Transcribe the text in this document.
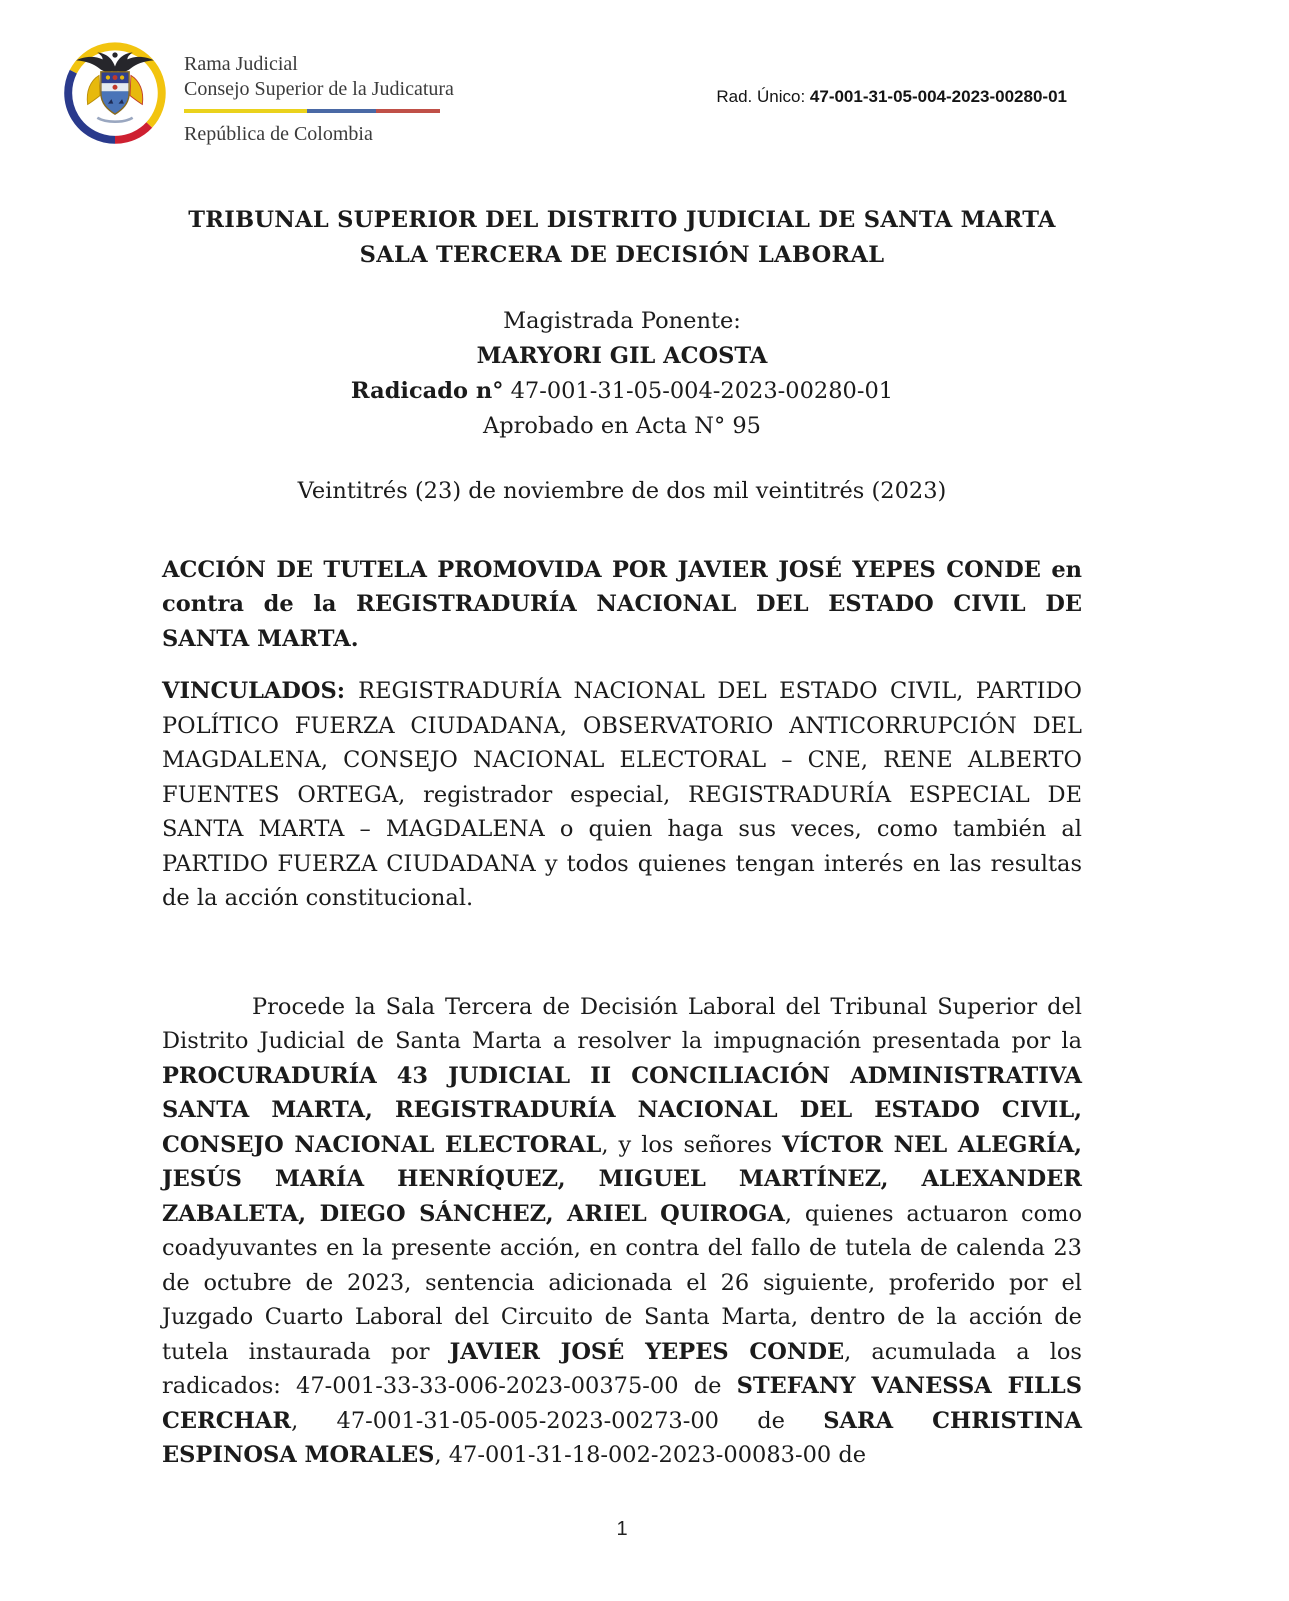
Rama Judicial
Consejo Superior de la Judicatura
República de Colombia
Rad. Único: 47-001-31-05-004-2023-00280-01
TRIBUNAL SUPERIOR DEL DISTRITO JUDICIAL DE SANTA MARTA
SALA TERCERA DE DECISIÓN LABORAL
Magistrada Ponente:
MARYORI GIL ACOSTA
Radicado n° 47-001-31-05-004-2023-00280-01
Aprobado en Acta N° 95
Veintitrés (23) de noviembre de dos mil veintitrés (2023)

ACCIÓN DE TUTELA PROMOVIDA POR JAVIER JOSÉ YEPES CONDE en contra de la REGISTRADURÍA NACIONAL DEL ESTADO CIVIL DE SANTA MARTA.

VINCULADOS: REGISTRADURÍA NACIONAL DEL ESTADO CIVIL, PARTIDO POLÍTICO FUERZA CIUDADANA, OBSERVATORIO ANTICORRUPCIÓN DEL MAGDALENA, CONSEJO NACIONAL ELECTORAL – CNE, RENE ALBERTO FUENTES ORTEGA, registrador especial, REGISTRADURÍA ESPECIAL DE SANTA MARTA – MAGDALENA o quien haga sus veces, como también al PARTIDO FUERZA CIUDADANA y todos quienes tengan interés en las resultas de la acción constitucional.

Procede la Sala Tercera de Decisión Laboral del Tribunal Superior del Distrito Judicial de Santa Marta a resolver la impugnación presentada por la PROCURADURÍA 43 JUDICIAL II CONCILIACIÓN ADMINISTRATIVA SANTA MARTA, REGISTRADURÍA NACIONAL DEL ESTADO CIVIL, CONSEJO NACIONAL ELECTORAL, y los señores VÍCTOR NEL ALEGRÍA, JESÚS MARÍA HENRÍQUEZ, MIGUEL MARTÍNEZ, ALEXANDER ZABALETA, DIEGO SÁNCHEZ, ARIEL QUIROGA, quienes actuaron como coadyuvantes en la presente acción, en contra del fallo de tutela de calenda 23 de octubre de 2023, sentencia adicionada el 26 siguiente, proferido por el Juzgado Cuarto Laboral del Circuito de Santa Marta, dentro de la acción de tutela instaurada por JAVIER JOSÉ YEPES CONDE, acumulada a los radicados: 47-001-33-33-006-2023-00375-00 de STEFANY VANESSA FILLS CERCHAR, 47-001-31-05-005-2023-00273-00 de SARA CHRISTINA ESPINOSA MORALES, 47-001-31-18-002-2023-00083-00 de

1
